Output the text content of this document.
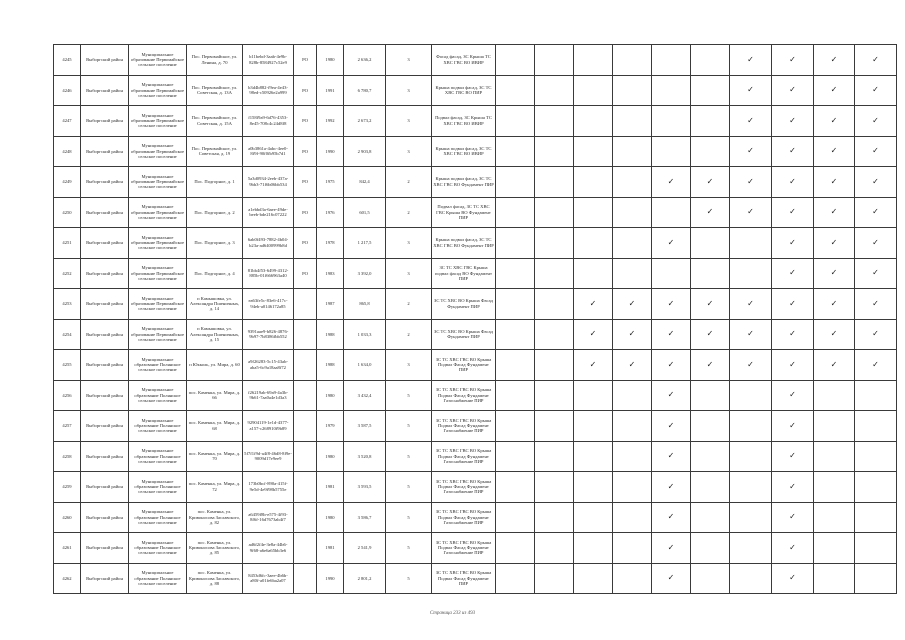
4245	Выборгский район	Муниципальное образование Первомайское сельское поселение	Пос. Первомайское, ул. Ленина, д. 70	b11bebd-3aab-4e9b-828b-8584927c52e9	PO	1980	2 636,2	3	Фасад фасад, ЗС Крыша ТС ХВС ГВС ВО ИВИР							✓	✓	✓	✓
4246	Выборгский район	Муниципальное образование Первомайское сельское поселение	Пос. Первомайское, ул. Советская, д. 13А	b3d4b882-f9ea-4e43-98ed-c50926e2a999	PO	1991	6 780,7	3	Крыша подвал фасад, ЗС ТС ХВС ГВС ВО ПИР							✓	✓	✓	✓
4247	Выборгский район	Муниципальное образование Первомайское сельское поселение	Пос. Первомайское, ул. Советская, д. 15А	f158f9a9-6d76-4353-8e45-708c4c24d8f8	PO	1992	2 673,2	3	Подвал фасад, ЗС Крыша ТС ХВС ГВС ВО ИВИР							✓	✓	✓	✓
4248	Выборгский район	Муниципальное образование Первомайское сельское поселение	Пос. Первомайское, ул. Советская, д. 19	a0b3861a-4abc-4ee0-8f9f-90f0fb95b7d1	PO	1990	2 903,8	3	Крыша подвал фасад, ЗС ТС ХВС ГВС ВО ИВИР							✓	✓	✓	✓
4249	Выборгский район	Муниципальное образование Первомайское сельское поселение	Пос. Подгорное, д. 1	5a3d0934-2eeb-437a-9bb3-71f6b06bb534	PO	1975	842,4	2	Крыша подвал фасад, ЗС ТС ХВС ГВС ВО Фундамент ПИР					✓	✓	✓	✓	✓	✓
4250	Выборгский район	Муниципальное образование Первомайское сельское поселение	Пос. Подгорное, д. 2	a1ebbd3a-6aee-49de-beeb-bde216c07222	PO	1976	601,5	2	Подвал фасад, ЗС ТС ХВС ГВС Крыша ВО Фундамент ПИР						✓	✓	✓	✓	✓
4251	Выборгский район	Муниципальное образование Первомайское сельское поселение	Пос. Подгорное, д. 3	6ab0f493-7882-4b04-b23a-ad6400999b8d	PO	1978	1 217,5	3	Крыша подвал фасад, ЗС ТС ХВС ГВС ВО Фундамент ПИР					✓			✓	✓	✓
4252	Выборгский район	Муниципальное образование Первомайское сельское поселение	Пос. Подгорное, д. 4	81bb4f53-6499-4312-885b-01f666963a40	PO	1983	3 392,0	3	ЗС ТС ХВС ГВС Крыша подвал фасад ВО Фундамент ПИР								✓	✓	✓
4253	Выборгский район	Муниципальное образование Первомайское сельское поселение	п Камышовка, ул. Александра Пшеничных, д. 14	ea63fe5c-83e6-417c-94eb-a0146172a85		1987	865,8	2	ЗС ТС ХВС ВО Крыша Фасад Фундамент ПИР			✓	✓	✓	✓	✓	✓	✓	✓
4254	Выборгский район	Муниципальное образование Первомайское сельское поселение	п Камышовка, ул. Александра Пшеничных, д. 15	9391aae9-b826-4876-9b97-7b8386fbb552		1988	1 033,3	2	ЗС ТС ХВС ВО Крыша Фасад Фундамент ПИР			✓	✓	✓	✓	✓	✓	✓	✓
4255	Выборгский район	Муниципальное образование Полянское сельское поселение	п Юкколь, ул. Мира, д. 60	a9f26283-5c15-43ab-aba5-6c9a18aa8f72		1988	1 634,0	3	ЗС ТС ХВС ГВС ВО Крыша Подвал Фасад Фундамент ПИР			✓	✓	✓	✓	✓	✓	✓	✓
4256	Выборгский район	Муниципальное образование Полянское сельское поселение	пос. Каменка, ул. Мира, д. 66	f26219ab-69a9-4a3b-9b61-7aa0a4e1d3a3		1980	3 432,4	5	ЗС ТС ХВС ГВС ВО Крыша Подвал Фасад Фундамент Газоснабжение ПИР					✓			✓		
4257	Выборгский район	Муниципальное образование Полянское сельское поселение	пос. Каменка, ул. Мира, д. 68	92904119-1e1d-4377-a157-c268910f9b89		1979	3 587,5	5	ЗС ТС ХВС ГВС ВО Крыша Подвал Фасад Фундамент Газоснабжение ПИР					✓			✓		
4258	Выборгский район	Муниципальное образование Полянское сельское поселение	пос. Каменка, ул. Мира, д. 70	5f7f1f9d-a4f8-46d8-8f9e-9009d17e9ee9		1980	3 520,8	5	ЗС ТС ХВС ГВС ВО Крыша Подвал Фасад Фундамент Газоснабжение ПИР					✓			✓		
4259	Выборгский район	Муниципальное образование Полянское сельское поселение	пос. Каменка, ул. Мира, д. 72	173b0bcf-890a-415f-9e5d-4e9f98b5755e		1981	3 593,5	5	ЗС ТС ХВС ГВС ВО Крыша Подвал Фасад Фундамент Газоснабжение ПИР					✓			✓		
4260	Выборгский район	Муниципальное образование Полянское сельское поселение	пос. Каменка, ул. Кривоносова Заславского, д. 82	a6459f8b-e575-4f93-8f6f-16d7673ab4f7		1980	3 586,7	5	ЗС ТС ХВС ГВС ВО Крыша Подвал Фасад Фундамент Газоснабжение ПИР					✓			✓		
4261	Выборгский район	Муниципальное образование Полянское сельское поселение	пос. Каменка, ул. Кривоносова Заславского, д. 85	ad6f2f4e-3e8a-44b6-9f68-a6e6a65bb3e6		1981	2 541,9	5	ЗС ТС ХВС ГВС ВО Крыша Подвал Фасад Фундамент Газоснабжение ПИР					✓			✓		
4262	Выборгский район	Муниципальное образование Полянское сельское поселение	пос. Каменка, ул. Кривоносова Заславского, д. 88	8453d6fc-3aee-4b6b-a80f-a01fe6ba2a07		1990	2 801,2	5	ЗС ТС ХВС ГВС ВО Крыша Подвал Фасад Фундамент ПИР					✓			✓		
Страница 233 из 493
